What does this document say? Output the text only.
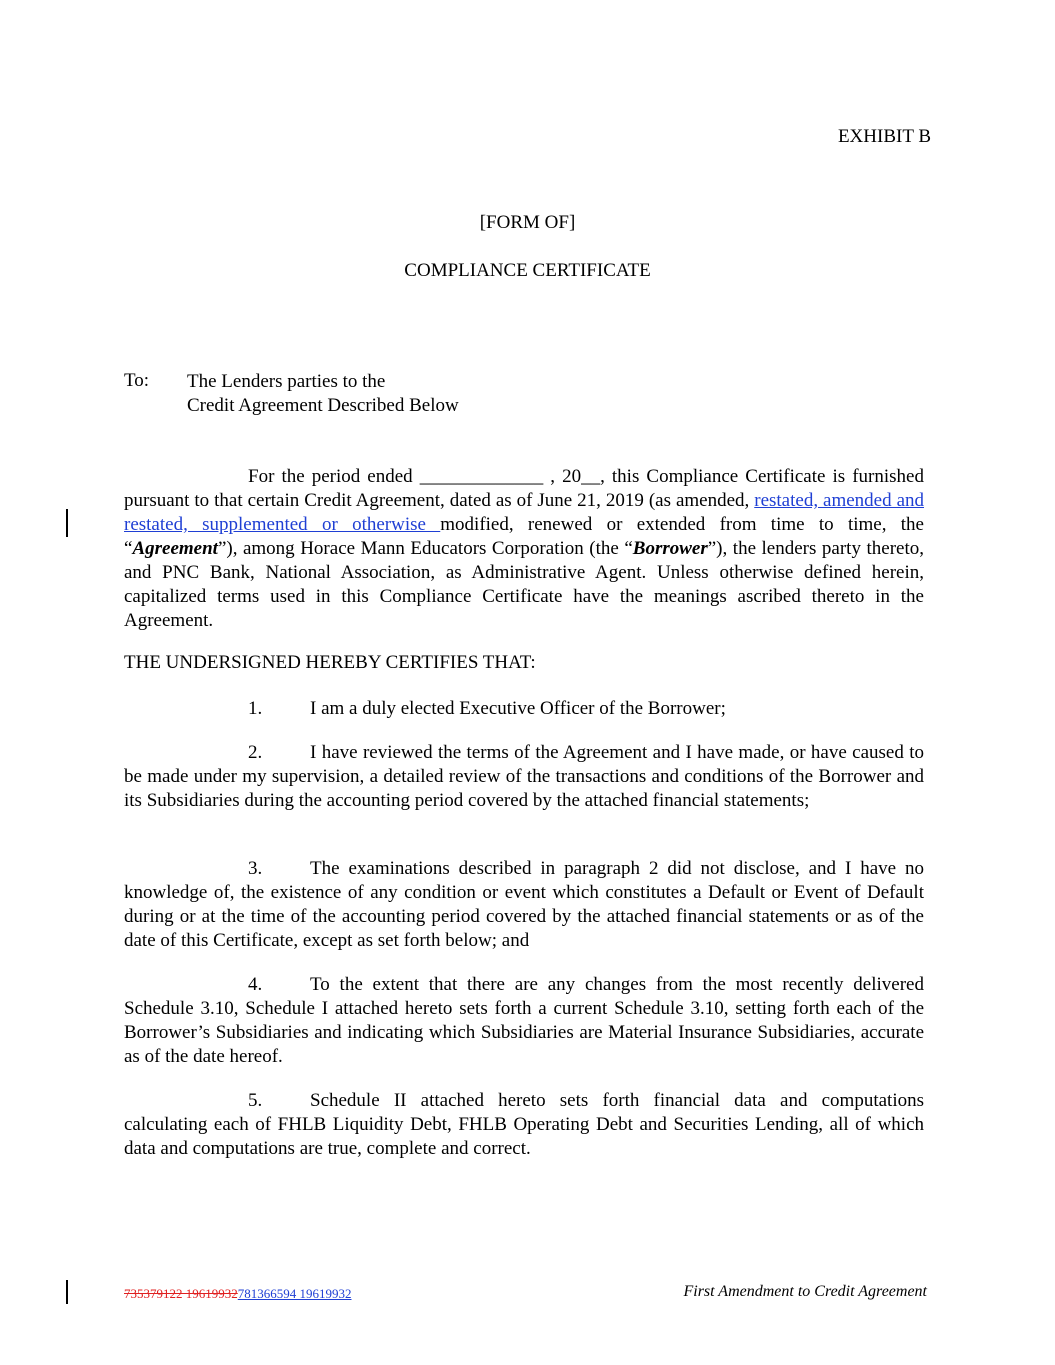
EXHIBIT B
[FORM OF]
COMPLIANCE CERTIFICATE
To: The Lenders parties to the
Credit Agreement Described Below
For the period ended _____________ , 20__, this Compliance Certificate is furnished pursuant to that certain Credit Agreement, dated as of June 21, 2019 (as amended, restated, amended and restated, supplemented or otherwise modified, renewed or extended from time to time, the “Agreement”), among Horace Mann Educators Corporation (the “Borrower”), the lenders party thereto, and PNC Bank, National Association, as Administrative Agent. Unless otherwise defined herein, capitalized terms used in this Compliance Certificate have the meanings ascribed thereto in the Agreement.
THE UNDERSIGNED HEREBY CERTIFIES THAT:
1.	I am a duly elected Executive Officer of the Borrower;
2.	I have reviewed the terms of the Agreement and I have made, or have caused to be made under my supervision, a detailed review of the transactions and conditions of the Borrower and its Subsidiaries during the accounting period covered by the attached financial statements;
3.	The examinations described in paragraph 2 did not disclose, and I have no knowledge of, the existence of any condition or event which constitutes a Default or Event of Default during or at the time of the accounting period covered by the attached financial statements or as of the date of this Certificate, except as set forth below; and
4.	To the extent that there are any changes from the most recently delivered Schedule 3.10, Schedule I attached hereto sets forth a current Schedule 3.10, setting forth each of the Borrower’s Subsidiaries and indicating which Subsidiaries are Material Insurance Subsidiaries, accurate as of the date hereof.
5.	Schedule II attached hereto sets forth financial data and computations calculating each of FHLB Liquidity Debt, FHLB Operating Debt and Securities Lending, all of which data and computations are true, complete and correct.
735379122 19619932781366594 19619932	First Amendment to Credit Agreement
